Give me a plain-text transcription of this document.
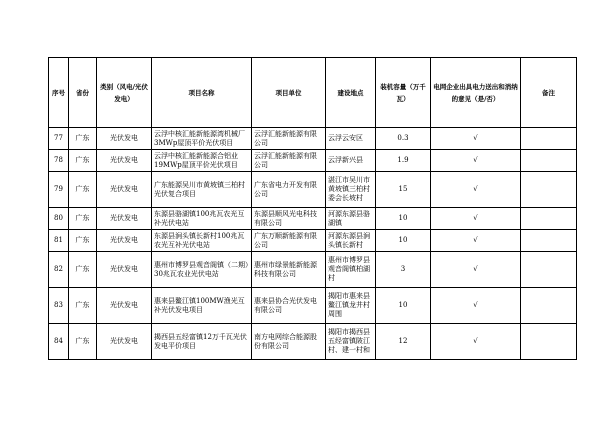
序号	省份	类别（风电/光伏发电）	项目名称	项目单位	建设地点	装机容量（万千瓦）	电网企业出具电力送出和消纳的意见（是/否）	备注
77	广东	光伏发电	云浮中核汇能新能源湾机械厂3MWp屋顶平价光伏项目	云浮汇能新能源有限公司	云浮云安区	0.3	√	
78	广东	光伏发电	云浮中核汇能新能源合铝业19MWp屋顶平价光伏项目	云浮汇能新能源有限公司	云浮新兴县	1.9	√	
79	广东	光伏发电	广东能源吴川市黄坡镇三柏村光伏复合项目	广东省电力开发有限公司	湛江市吴川市黄坡镇三柏村委会长坡村	15	√	
80	广东	光伏发电	东源县骆湖镇100兆瓦农光互补光伏电站	东源县顺风光电科技有限公司	河源东源县骆湖镇	10	√	
81	广东	光伏发电	东源县涧头镇长新村100兆瓦农光互补光伏电站	广东万顺新能源有限公司	河源东源县涧头镇长新村	10	√	
82	广东	光伏发电	惠州市博罗县观音阁镇（二期）30兆瓦农业光伏电站	惠州市绿景能新能源科技有限公司	惠州市博罗县观音阁镇柏湖村	3	√	
83	广东	光伏发电	惠来县鳌江镇100MW渔光互补光伏发电项目	惠来县协合光伏发电有限公司	揭阳市惠来县鳌江镇龙井村周围	10	√	
84	广东	光伏发电	揭西县五经富镇12万千瓦光伏发电平价项目	南方电网综合能源股份有限公司	揭阳市揭西县五经富镇陂江村、建一村和	12	√	
